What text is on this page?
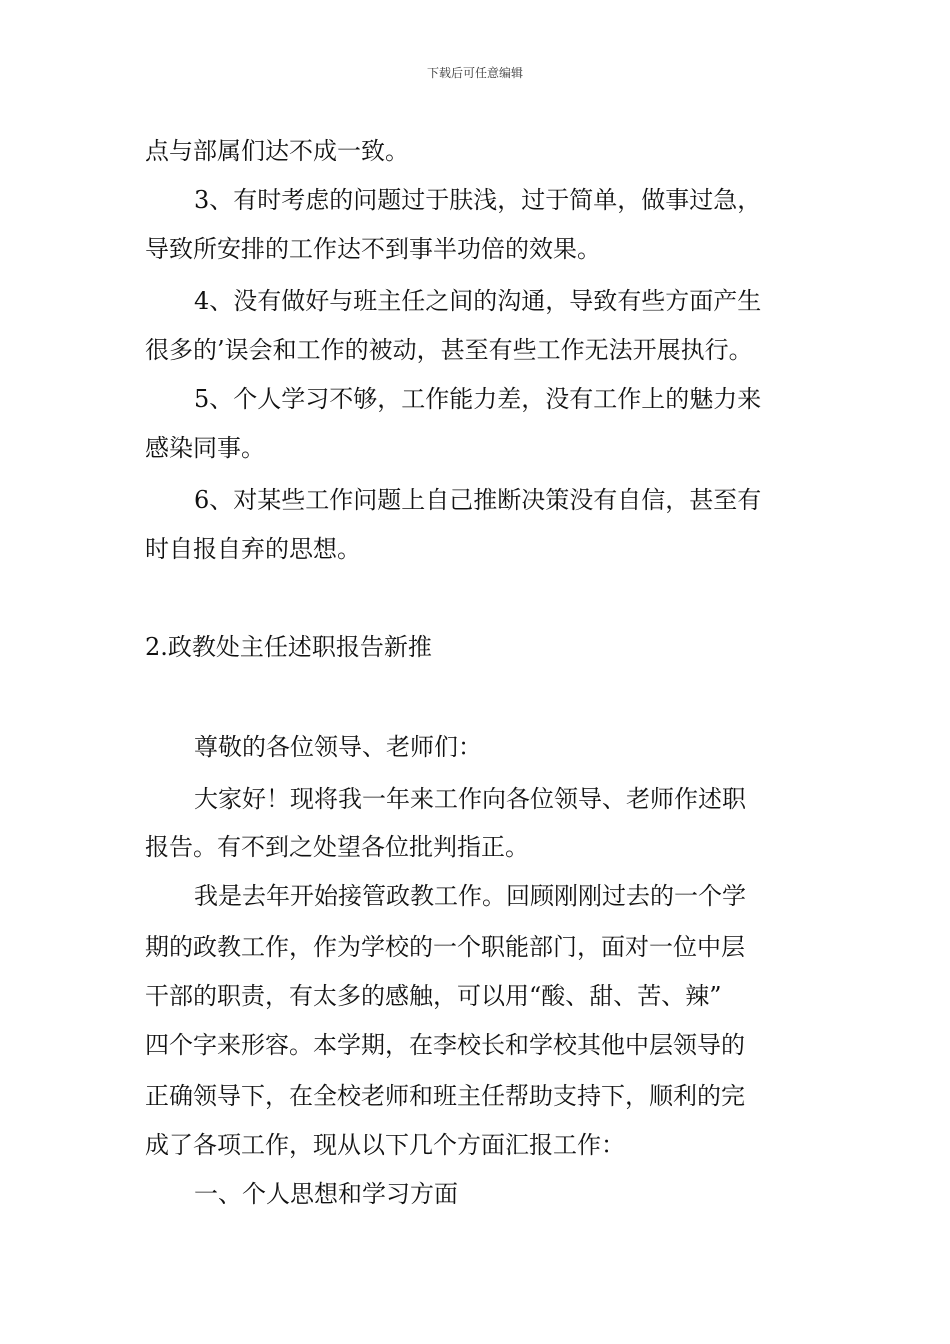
下载后可任意编辑
点与部属们达不成一致。
3、有时考虑的问题过于肤浅，过于简单，做事过急，
导致所安排的工作达不到事半功倍的效果。
4、没有做好与班主任之间的沟通，导致有些方面产生
很多的’误会和工作的被动，甚至有些工作无法开展执行。
5、个人学习不够，工作能力差，没有工作上的魅力来
感染同事。
6、对某些工作问题上自己推断决策没有自信，甚至有
时自报自弃的思想。
2.政教处主任述职报告新推
尊敬的各位领导、老师们：
大家好！现将我一年来工作向各位领导、老师作述职
报告。有不到之处望各位批判指正。
我是去年开始接管政教工作。回顾刚刚过去的一个学
期的政教工作，作为学校的一个职能部门，面对一位中层
干部的职责，有太多的感触，可以用“酸、甜、苦、辣”
四个字来形容。本学期，在李校长和学校其他中层领导的
正确领导下，在全校老师和班主任帮助支持下，顺利的完
成了各项工作，现从以下几个方面汇报工作：
一、个人思想和学习方面
